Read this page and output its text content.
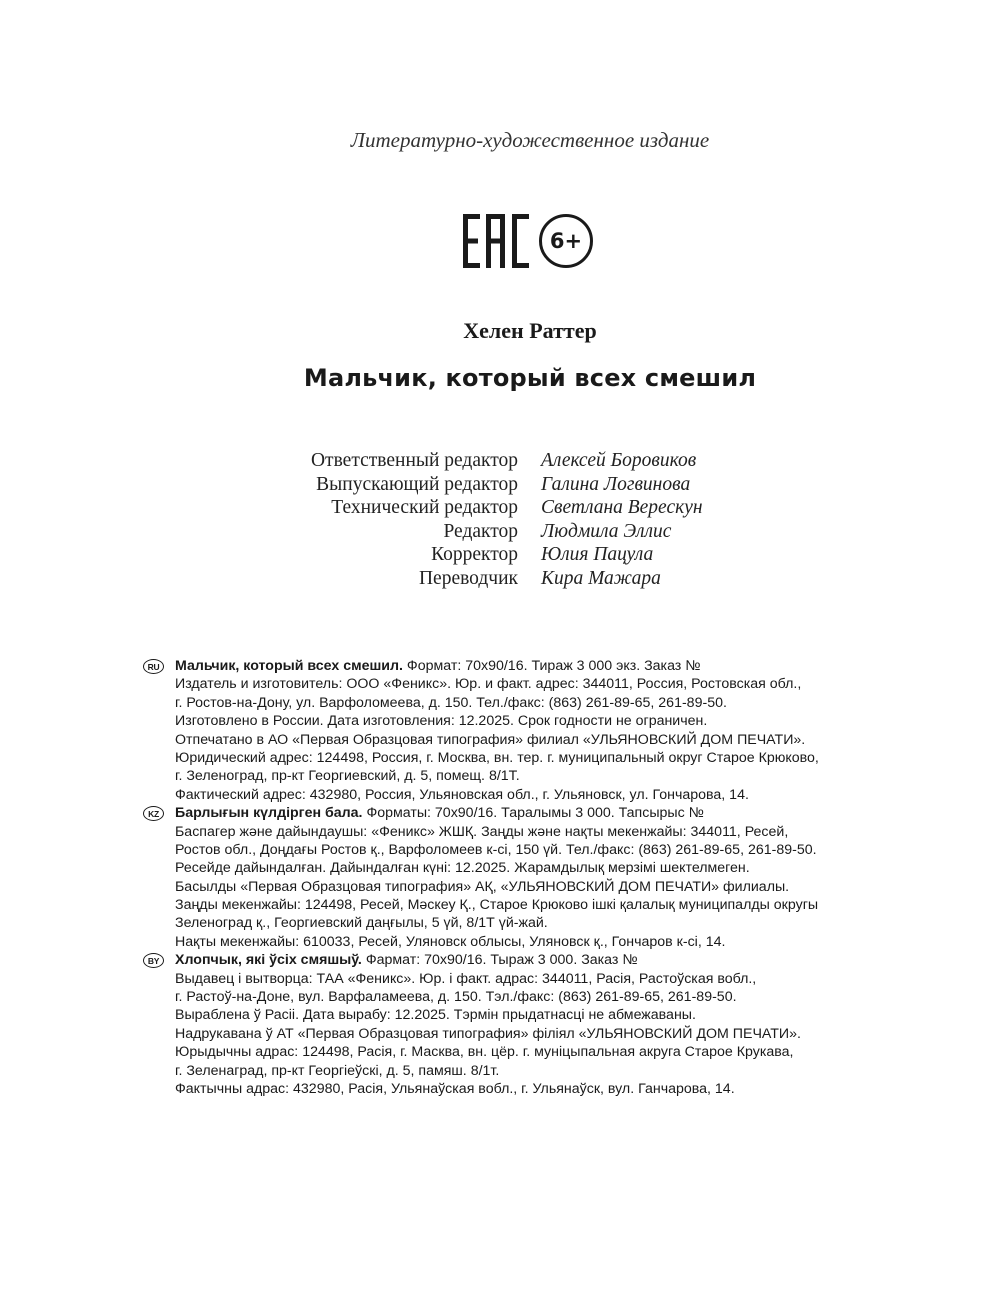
Литературно-художественное издание
6+
Хелен Раттер
Мальчик, который всех смешил
Ответственный редактор Алексей Боровиков
Выпускающий редактор Галина Логвинова
Технический редактор Светлана Верескун
Редактор Людмила Эллис
Корректор Юлия Пацула
Переводчик Кира Мажара
RU	Мальчик, который всех смешил. Формат: 70х90/16. Тираж 3 000 экз. Заказ №
Издатель и изготовитель: ООО «Феникс». Юр. и факт. адрес: 344011, Россия, Ростовская обл.,
г. Ростов-на-Дону, ул. Варфоломеева, д. 150. Тел./факс: (863) 261-89-65, 261-89-50.
Изготовлено в России. Дата изготовления: 12.2025. Срок годности не ограничен.
Отпечатано в АО «Первая Образцовая типография» филиал «УЛЬЯНОВСКИЙ ДОМ ПЕЧАТИ».
Юридический адрес: 124498, Россия, г. Москва, вн. тер. г. муниципальный округ Старое Крюково,
г. Зеленоград, пр-кт Георгиевский, д. 5, помещ. 8/1Т.
Фактический адрес: 432980, Россия, Ульяновская обл., г. Ульяновск, ул. Гончарова, 14.
KZ	Барлығын күлдірген бала. Форматы: 70х90/16. Таралымы 3 000. Тапсырыс №
Баспагер және дайындаушы: «Феникс» ЖШҚ. Заңды және нақты мекенжайы: 344011, Ресей,
Ростов обл., Доңдағы Ростов қ., Варфоломеев к-сі, 150 үй. Тел./факс: (863) 261-89-65, 261-89-50.
Ресейде дайындалған. Дайындалған күні: 12.2025. Жарамдылық мерзімі шектелмеген.
Басылды «Первая Образцовая типография» АҚ, «УЛЬЯНОВСКИЙ ДОМ ПЕЧАТИ» филиалы.
Заңды мекенжайы: 124498, Ресей, Мәскеу Қ., Старое Крюково ішкі қалалық муниципалды округы
Зеленоград қ., Георгиевский даңғылы, 5 үй, 8/1Т үй-жай.
Нақты мекенжайы: 610033, Ресей, Уляновск облысы, Уляновск қ., Гончаров к-сі, 14.
BY	Хлопчык, які ўсіх смяшыў. Фармат: 70х90/16. Тыраж 3 000. Заказ №
Выдавец і вытворца: ТАА «Феникс». Юр. і факт. адрас: 344011, Расія, Растоўская вобл.,
г. Растоў-на-Доне, вул. Варфаламеева, д. 150. Тэл./факс: (863) 261-89-65, 261-89-50.
Выраблена ў Расіі. Дата вырабу: 12.2025. Тэрмін прыдатнасці не абмежаваны.
Надрукавана ў АТ «Первая Образцовая типография» філіял «УЛЬЯНОВСКИЙ ДОМ ПЕЧАТИ».
Юрыдычны адрас: 124498, Расія, г. Масква, вн. цёр. г. муніцыпальная акруга Старое Крукава,
г. Зеленаград, пр-кт Георгіеўскі, д. 5, памяш. 8/1т.
Фактычны адрас: 432980, Расія, Ульянаўская вобл., г. Ульянаўск, вул. Ганчарова, 14.
